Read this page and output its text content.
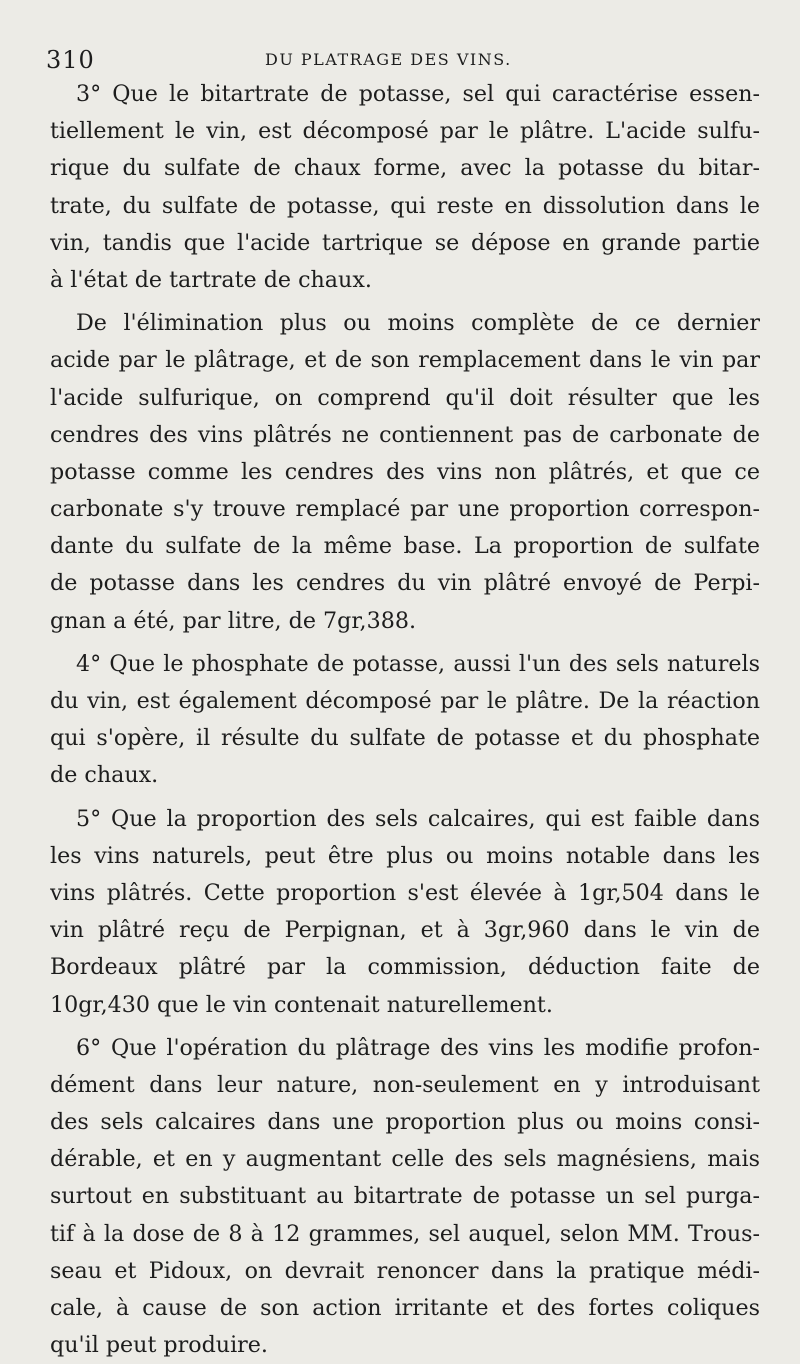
310	DU PLATRAGE DES VINS.
3° Que le bitartrate de potasse, sel qui caractérise essen-
tiellement le vin, est décomposé par le plâtre. L'acide sulfu-
rique du sulfate de chaux forme, avec la potasse du bitar-
trate, du sulfate de potasse, qui reste en dissolution dans le
vin, tandis que l'acide tartrique se dépose en grande partie
à l'état de tartrate de chaux.
De l'élimination plus ou moins complète de ce dernier
acide par le plâtrage, et de son remplacement dans le vin par
l'acide sulfurique, on comprend qu'il doit résulter que les
cendres des vins plâtrés ne contiennent pas de carbonate de
potasse comme les cendres des vins non plâtrés, et que ce
carbonate s'y trouve remplacé par une proportion correspon-
dante du sulfate de la même base. La proportion de sulfate
de potasse dans les cendres du vin plâtré envoyé de Perpi-
gnan a été, par litre, de 7gr,388.
4° Que le phosphate de potasse, aussi l'un des sels naturels
du vin, est également décomposé par le plâtre. De la réaction
qui s'opère, il résulte du sulfate de potasse et du phosphate
de chaux.
5° Que la proportion des sels calcaires, qui est faible dans
les vins naturels, peut être plus ou moins notable dans les
vins plâtrés. Cette proportion s'est élevée à 1gr,504 dans le
vin plâtré reçu de Perpignan, et à 3gr,960 dans le vin de
Bordeaux plâtré par la commission, déduction faite de
10gr,430 que le vin contenait naturellement.
6° Que l'opération du plâtrage des vins les modifie profon-
dément dans leur nature, non-seulement en y introduisant
des sels calcaires dans une proportion plus ou moins consi-
dérable, et en y augmentant celle des sels magnésiens, mais
surtout en substituant au bitartrate de potasse un sel purga-
tif à la dose de 8 à 12 grammes, sel auquel, selon MM. Trous-
seau et Pidoux, on devrait renoncer dans la pratique médi-
cale, à cause de son action irritante et des fortes coliques
qu'il peut produire.
